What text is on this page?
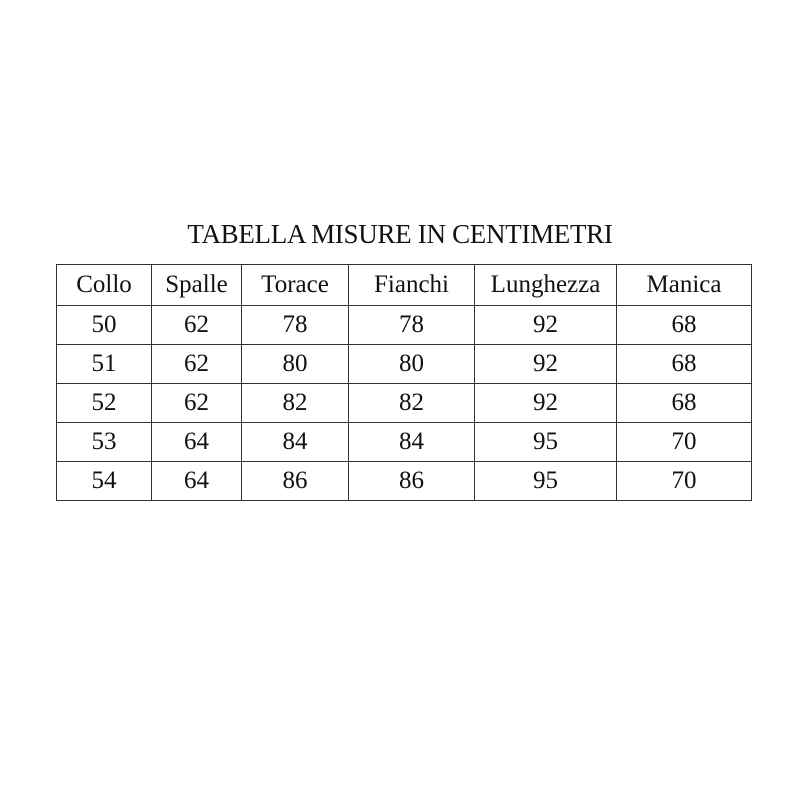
TABELLA MISURE IN CENTIMETRI
Collo	Spalle	Torace	Fianchi	Lunghezza	Manica
50	62	78	78	92	68
51	62	80	80	92	68
52	62	82	82	92	68
53	64	84	84	95	70
54	64	86	86	95	70
